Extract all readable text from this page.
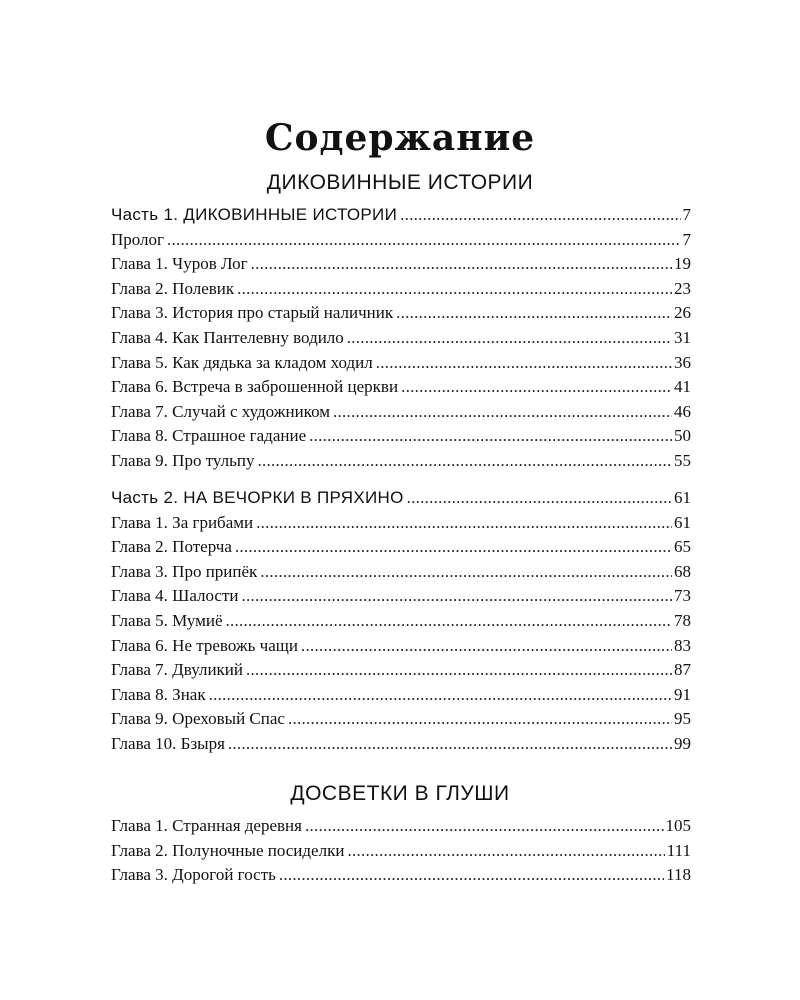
Содержание
ДИКОВИННЫЕ ИСТОРИИ
Часть 1. ДИКОВИННЫЕ ИСТОРИИ . . .	7
Пролог . . .	7
Глава 1. Чуров Лог . . .	19
Глава 2. Полевик . . .	23
Глава 3. История про старый наличник . . .	26
Глава 4. Как Пантелевну водило . . .	31
Глава 5. Как дядька за кладом ходил . . .	36
Глава 6. Встреча в заброшенной церкви . . .	41
Глава 7. Случай с художником . . .	46
Глава 8. Страшное гадание . . .	50
Глава 9. Про тульпу . . .	55
Часть 2. НА ВЕЧОРКИ В ПРЯХИНО . . .	61
Глава 1. За грибами . . .	61
Глава 2. Потерча . . .	65
Глава 3. Про припёк . . .	68
Глава 4. Шалости . . .	73
Глава 5. Мумиё . . .	78
Глава 6. Не тревожь чащи . . .	83
Глава 7. Двуликий . . .	87
Глава 8. Знак . . .	91
Глава 9. Ореховый Спас . . .	95
Глава 10. Бзыря . . .	99
ДОСВЕТКИ В ГЛУШИ
Глава 1. Странная деревня . . .	105
Глава 2. Полуночные посиделки . . .	111
Глава 3. Дорогой гость . . .	118
